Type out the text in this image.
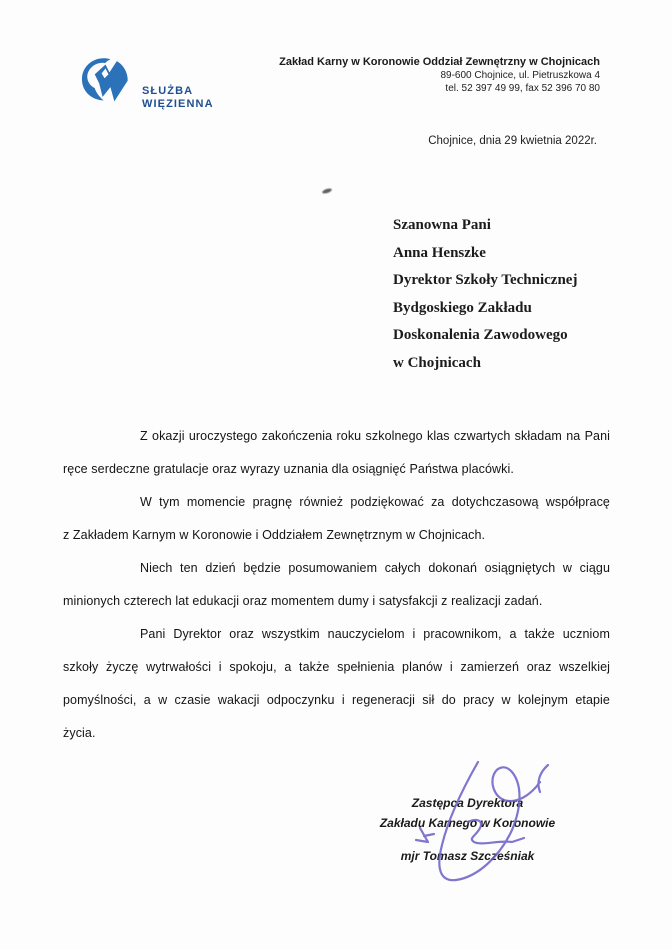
SŁUŻBA
WIĘZIENNA
Zakład Karny w Koronowie Oddział Zewnętrzny w Chojnicach
89-600 Chojnice, ul. Pietruszkowa 4
tel. 52 397 49 99, fax 52 396 70 80
Chojnice, dnia 29 kwietnia 2022r.
Szanowna Pani
Anna Henszke
Dyrektor Szkoły Technicznej
Bydgoskiego Zakładu
Doskonalenia Zawodowego
w Chojnicach
Z okazji uroczystego zakończenia roku szkolnego klas czwartych składam na Pani
ręce serdeczne gratulacje oraz wyrazy uznania dla osiągnięć Państwa placówki.
W tym momencie pragnę również podziękować za dotychczasową współpracę
z Zakładem Karnym w Koronowie i Oddziałem Zewnętrznym w Chojnicach.
Niech ten dzień będzie posumowaniem całych dokonań osiągniętych w ciągu
minionych czterech lat edukacji oraz momentem dumy i satysfakcji z realizacji zadań.
Pani Dyrektor oraz wszystkim nauczycielom i pracownikom, a także uczniom
szkoły życzę wytrwałości i spokoju, a także spełnienia planów i zamierzeń oraz wszelkiej
pomyślności, a w czasie wakacji odpoczynku i regeneracji sił do pracy w kolejnym etapie
życia.
Zastępca Dyrektora
Zakładu Karnego w Koronowie
mjr Tomasz Szcześniak
